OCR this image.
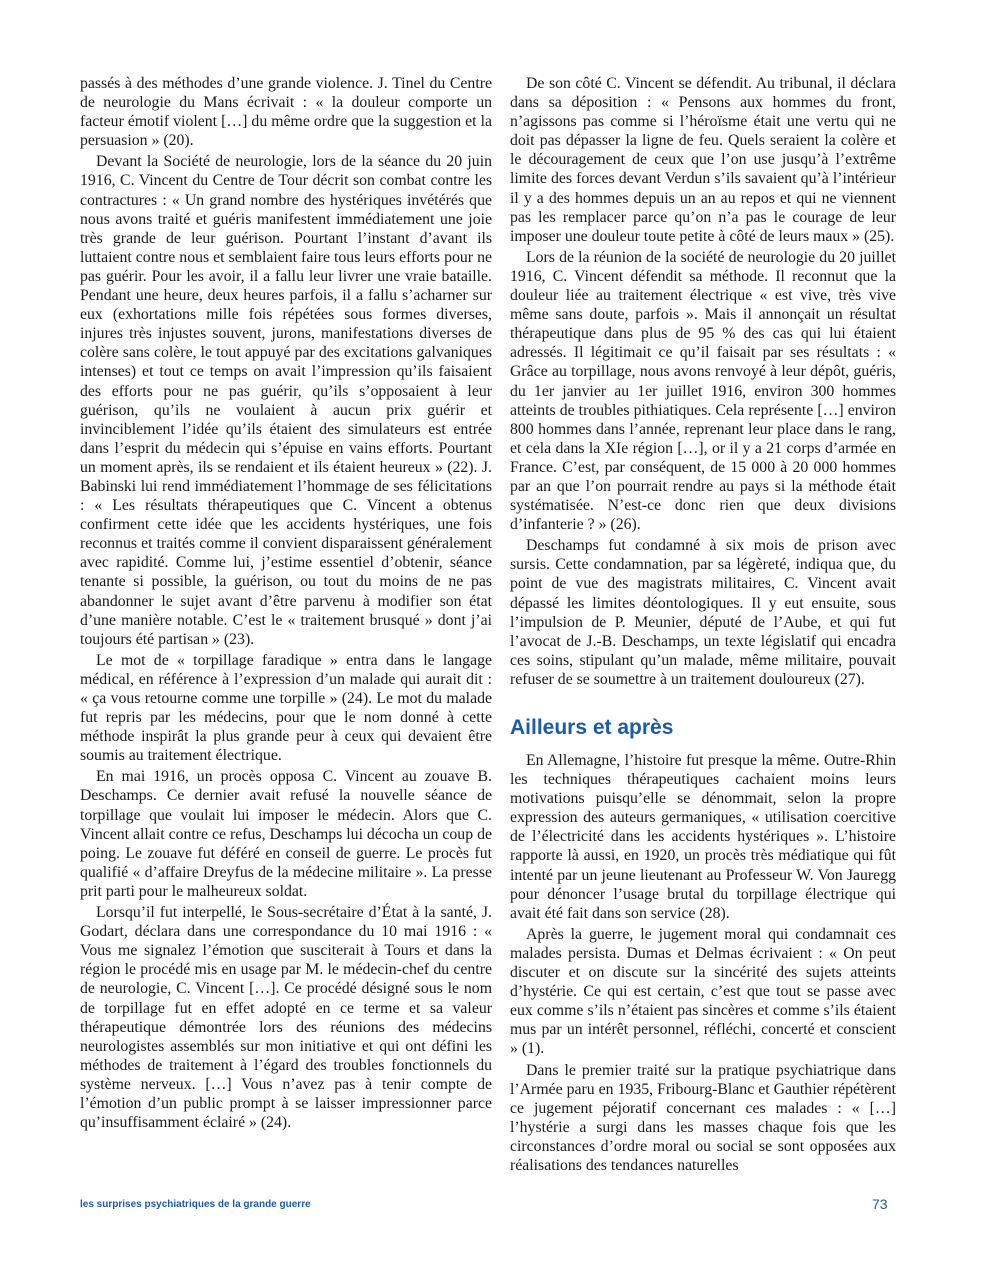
passés à des méthodes d’une grande violence. J. Tinel du Centre de neurologie du Mans écrivait : « la douleur comporte un facteur émotif violent […] du même ordre que la suggestion et la persuasion » (20).

Devant la Société de neurologie, lors de la séance du 20 juin 1916, C. Vincent du Centre de Tour décrit son combat contre les contractures : « Un grand nombre des hystériques invétérés que nous avons traité et guéris manifestent immédiatement une joie très grande de leur guérison. Pourtant l’instant d’avant ils luttaient contre nous et semblaient faire tous leurs efforts pour ne pas guérir. Pour les avoir, il a fallu leur livrer une vraie bataille. Pendant une heure, deux heures parfois, il a fallu s’acharner sur eux (exhortations mille fois répétées sous formes diverses, injures très injustes souvent, jurons, manifestations diverses de colère sans colère, le tout appuyé par des excitations galvaniques intenses) et tout ce temps on avait l’impression qu’ils faisaient des efforts pour ne pas guérir, qu’ils s’opposaient à leur guérison, qu’ils ne voulaient à aucun prix guérir et invinciblement l’idée qu’ils étaient des simulateurs est entrée dans l’esprit du médecin qui s’épuise en vains efforts. Pourtant un moment après, ils se rendaient et ils étaient heureux » (22). J. Babinski lui rend immédiatement l’hommage de ses félicitations : « Les résultats thérapeutiques que C. Vincent a obtenus confirment cette idée que les accidents hystériques, une fois reconnus et traités comme il convient disparaissent généralement avec rapidité. Comme lui, j’estime essentiel d’obtenir, séance tenante si possible, la guérison, ou tout du moins de ne pas abandonner le sujet avant d’être parvenu à modifier son état d’une manière notable. C’est le « traitement brusqué » dont j’ai toujours été partisan » (23).

Le mot de « torpillage faradique » entra dans le langage médical, en référence à l’expression d’un malade qui aurait dit : « ça vous retourne comme une torpille » (24). Le mot du malade fut repris par les médecins, pour que le nom donné à cette méthode inspirât la plus grande peur à ceux qui devaient être soumis au traitement électrique.

En mai 1916, un procès opposa C. Vincent au zouave B. Deschamps. Ce dernier avait refusé la nouvelle séance de torpillage que voulait lui imposer le médecin. Alors que C. Vincent allait contre ce refus, Deschamps lui décocha un coup de poing. Le zouave fut déféré en conseil de guerre. Le procès fut qualifié « d’affaire Dreyfus de la médecine militaire ». La presse prit parti pour le malheureux soldat.

Lorsqu’il fut interpellé, le Sous-secrétaire d’État à la santé, J. Godart, déclara dans une correspondance du 10 mai 1916 : « Vous me signalez l’émotion que susciterait à Tours et dans la région le procédé mis en usage par M. le médecin-chef du centre de neurologie, C. Vincent […]. Ce procédé désigné sous le nom de torpillage fut en effet adopté en ce terme et sa valeur thérapeutique démontrée lors des réunions des médecins neurologistes assemblés sur mon initiative et qui ont défini les méthodes de traitement à l’égard des troubles fonctionnels du système nerveux. […] Vous n’avez pas à tenir compte de l’émotion d’un public prompt à se laisser impressionner parce qu’insuffisamment éclairé » (24).

De son côté C. Vincent se défendit. Au tribunal, il déclara dans sa déposition : « Pensons aux hommes du front, n’agissons pas comme si l’héroïsme était une vertu qui ne doit pas dépasser la ligne de feu. Quels seraient la colère et le découragement de ceux que l’on use jusqu’à l’extrême limite des forces devant Verdun s’ils savaient qu’à l’intérieur il y a des hommes depuis un an au repos et qui ne viennent pas les remplacer parce qu’on n’a pas le courage de leur imposer une douleur toute petite à côté de leurs maux » (25).

Lors de la réunion de la société de neurologie du 20 juillet 1916, C. Vincent défendit sa méthode. Il reconnut que la douleur liée au traitement électrique « est vive, très vive même sans doute, parfois ». Mais il annonçait un résultat thérapeutique dans plus de 95 % des cas qui lui étaient adressés. Il légitimait ce qu’il faisait par ses résultats : « Grâce au torpillage, nous avons renvoyé à leur dépôt, guéris, du 1er janvier au 1er juillet 1916, environ 300 hommes atteints de troubles pithiatiques. Cela représente […] environ 800 hommes dans l’année, reprenant leur place dans le rang, et cela dans la XIe région […], or il y a 21 corps d’armée en France. C’est, par conséquent, de 15 000 à 20 000 hommes par an que l’on pourrait rendre au pays si la méthode était systématisée. N’est-ce donc rien que deux divisions d’infanterie ? » (26).

Deschamps fut condamné à six mois de prison avec sursis. Cette condamnation, par sa légèreté, indiqua que, du point de vue des magistrats militaires, C. Vincent avait dépassé les limites déontologiques. Il y eut ensuite, sous l’impulsion de P. Meunier, député de l’Aube, et qui fut l’avocat de J.-B. Deschamps, un texte législatif qui encadra ces soins, stipulant qu’un malade, même militaire, pouvait refuser de se soumettre à un traitement douloureux (27).

Ailleurs et après

En Allemagne, l’histoire fut presque la même. Outre-Rhin les techniques thérapeutiques cachaient moins leurs motivations puisqu’elle se dénommait, selon la propre expression des auteurs germaniques, « utilisation coercitive de l’électricité dans les accidents hystériques ». L’histoire rapporte là aussi, en 1920, un procès très médiatique qui fût intenté par un jeune lieutenant au Professeur W. Von Jauregg pour dénoncer l’usage brutal du torpillage électrique qui avait été fait dans son service (28).

Après la guerre, le jugement moral qui condamnait ces malades persista. Dumas et Delmas écrivaient : « On peut discuter et on discute sur la sincérité des sujets atteints d’hystérie. Ce qui est certain, c’est que tout se passe avec eux comme s’ils n’étaient pas sincères et comme s’ils étaient mus par un intérêt personnel, réfléchi, concerté et conscient » (1).

Dans le premier traité sur la pratique psychiatrique dans l’Armée paru en 1935, Fribourg-Blanc et Gauthier répétèrent ce jugement péjoratif concernant ces malades : « […] l’hystérie a surgi dans les masses chaque fois que les circonstances d’ordre moral ou social se sont opposées aux réalisations des tendances naturelles

les surprises psychiatriques de la grande guerre	73
